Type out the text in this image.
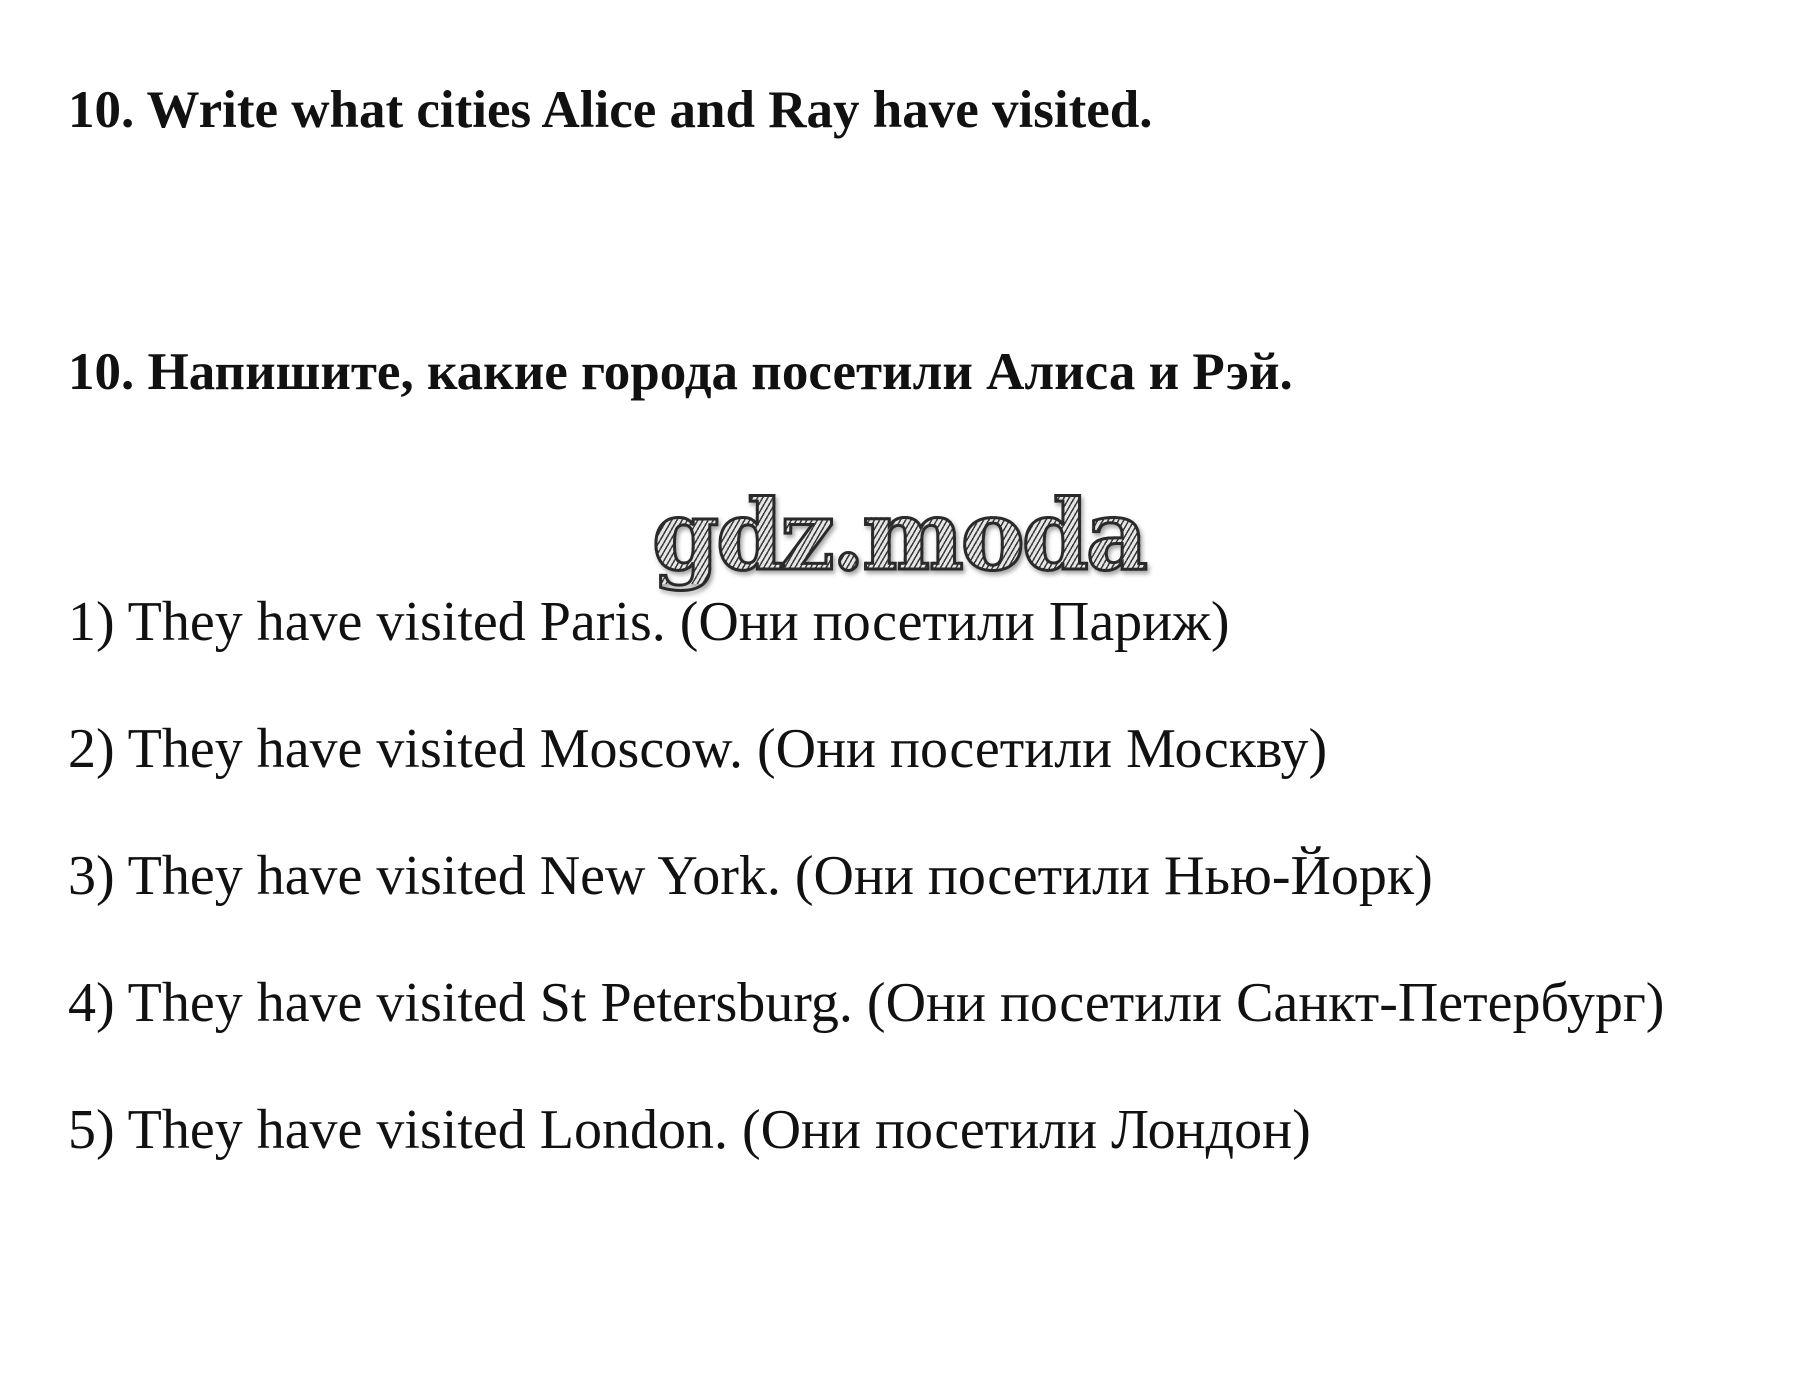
10. Write what cities Alice and Ray have visited.
10. Напишите, какие города посетили Алиса и Рэй.
gdz.moda
1) They have visited Paris. (Они посетили Париж)
2) They have visited Moscow. (Они посетили Москву)
3) They have visited New York. (Они посетили Нью-Йорк)
4) They have visited St Petersburg. (Они посетили Санкт-Петербург)
5) They have visited London. (Они посетили Лондон)
